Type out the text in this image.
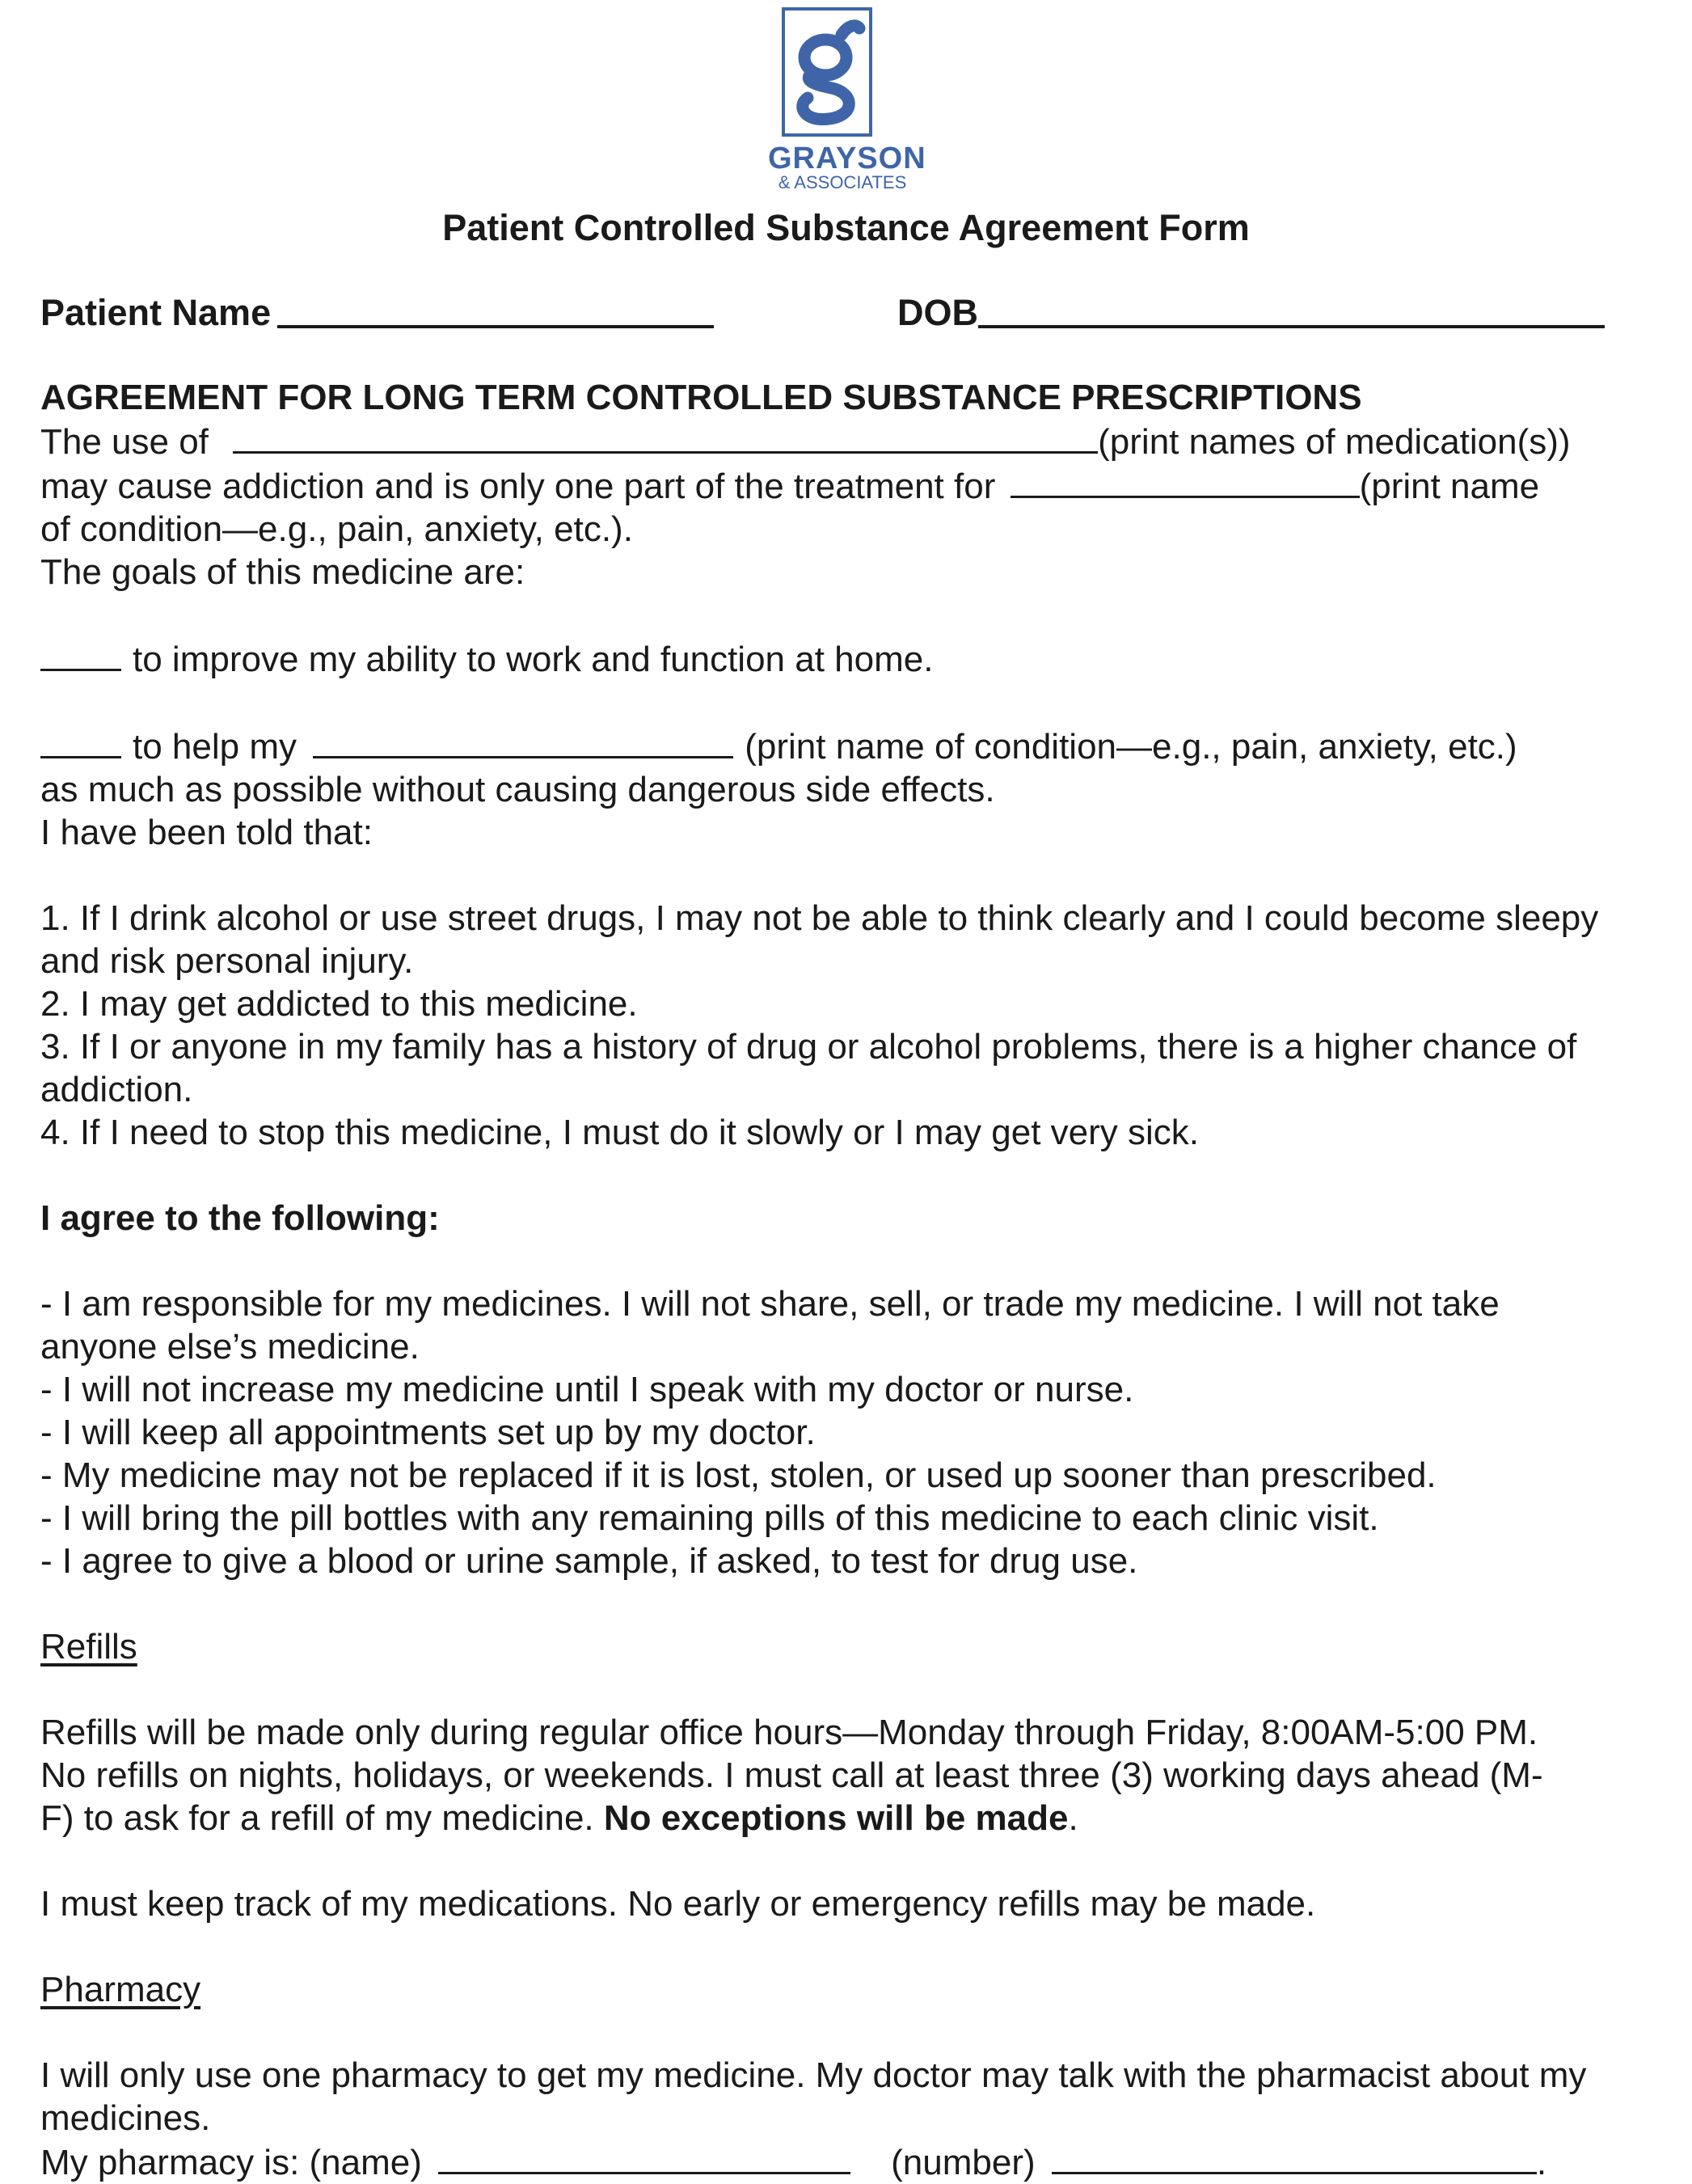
GRAYSON
& ASSOCIATES
Patient Controlled Substance Agreement Form
Patient Name	DOB

AGREEMENT FOR LONG TERM CONTROLLED SUBSTANCE PRESCRIPTIONS

The use of	(print names of medication(s))

may cause addiction and is only one part of the treatment for	(print name

of condition—e.g., pain, anxiety, etc.).

The goals of this medicine are:

to improve my ability to work and function at home.

to help my	(print name of condition—e.g., pain, anxiety, etc.)

as much as possible without causing dangerous side effects.

I have been told that:

1. If I drink alcohol or use street drugs, I may not be able to think clearly and I could become sleepy and risk personal injury.

2. I may get addicted to this medicine.

3. If I or anyone in my family has a history of drug or alcohol problems, there is a higher chance of addiction.

4. If I need to stop this medicine, I must do it slowly or I may get very sick.

I agree to the following:

- I am responsible for my medicines. I will not share, sell, or trade my medicine. I will not take anyone else’s medicine.

- I will not increase my medicine until I speak with my doctor or nurse.

- I will keep all appointments set up by my doctor.

- My medicine may not be replaced if it is lost, stolen, or used up sooner than prescribed.

- I will bring the pill bottles with any remaining pills of this medicine to each clinic visit.

- I agree to give a blood or urine sample, if asked, to test for drug use.

Refills

Refills will be made only during regular office hours—Monday through Friday, 8:00AM-5:00 PM.

No refills on nights, holidays, or weekends. I must call at least three (3) working days ahead (M-

F) to ask for a refill of my medicine. No exceptions will be made.

I must keep track of my medications. No early or emergency refills may be made.

Pharmacy

I will only use one pharmacy to get my medicine. My doctor may talk with the pharmacist about my medicines.

My pharmacy is: (name)	(number)	.
